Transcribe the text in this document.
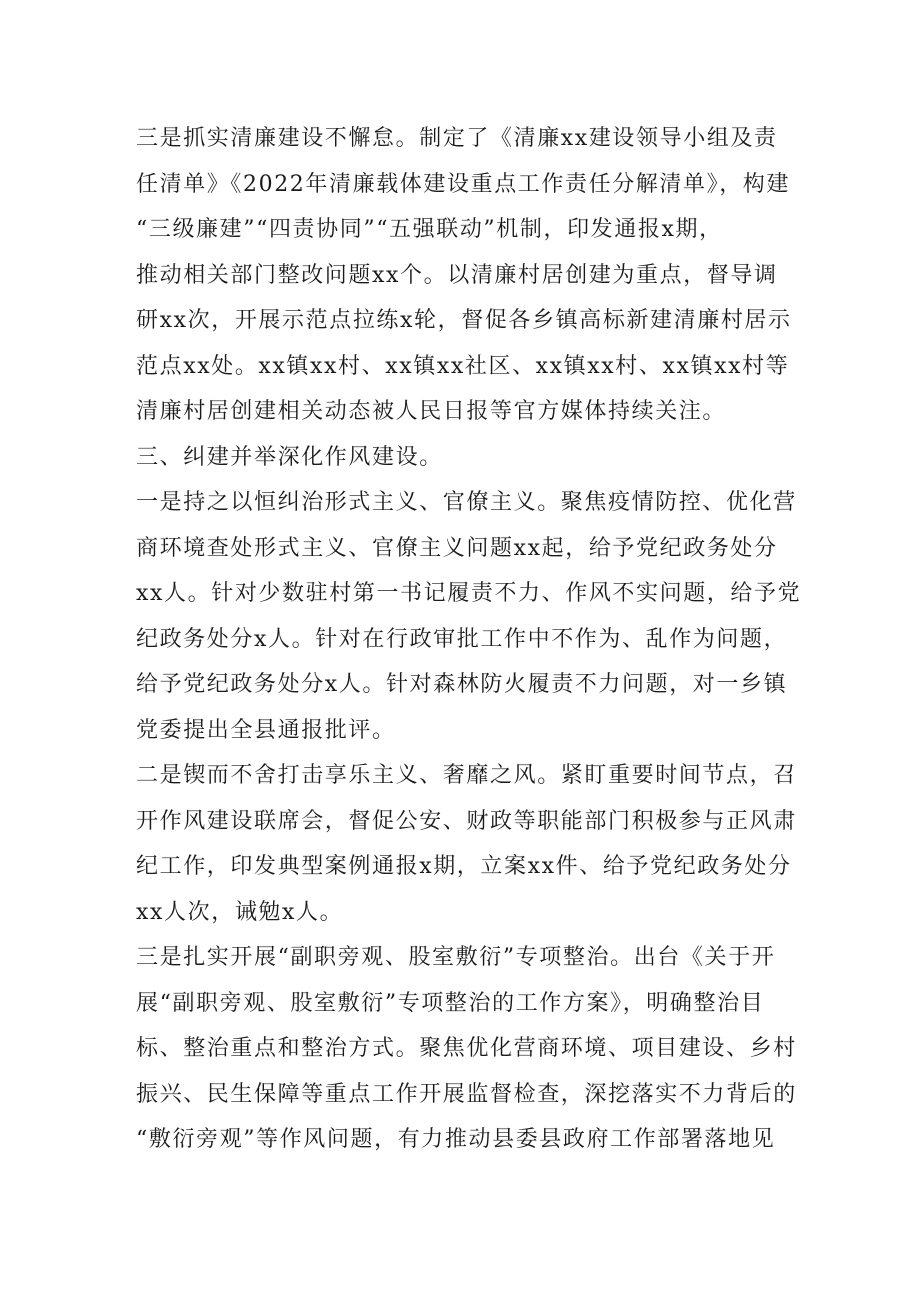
三是抓实清廉建设不懈怠。制定了《清廉xx建设领导小组及责
任清单》《2022年清廉载体建设重点工作责任分解清单》，构建
“三级廉建”“四责协同”“五强联动”机制，印发通报x期，
推动相关部门整改问题xx个。以清廉村居创建为重点，督导调
研xx次，开展示范点拉练x轮，督促各乡镇高标新建清廉村居示
范点xx处。xx镇xx村、xx镇xx社区、xx镇xx村、xx镇xx村等
清廉村居创建相关动态被人民日报等官方媒体持续关注。
三、纠建并举深化作风建设。
一是持之以恒纠治形式主义、官僚主义。聚焦疫情防控、优化营
商环境查处形式主义、官僚主义问题xx起，给予党纪政务处分
xx人。针对少数驻村第一书记履责不力、作风不实问题，给予党
纪政务处分x人。针对在行政审批工作中不作为、乱作为问题，
给予党纪政务处分x人。针对森林防火履责不力问题，对一乡镇
党委提出全县通报批评。
二是锲而不舍打击享乐主义、奢靡之风。紧盯重要时间节点，召
开作风建设联席会，督促公安、财政等职能部门积极参与正风肃
纪工作，印发典型案例通报x期，立案xx件、给予党纪政务处分
xx人次，诫勉x人。
三是扎实开展“副职旁观、股室敷衍”专项整治。出台《关于开
展“副职旁观、股室敷衍”专项整治的工作方案》，明确整治目
标、整治重点和整治方式。聚焦优化营商环境、项目建设、乡村
振兴、民生保障等重点工作开展监督检查，深挖落实不力背后的
“敷衍旁观”等作风问题，有力推动县委县政府工作部署落地见
